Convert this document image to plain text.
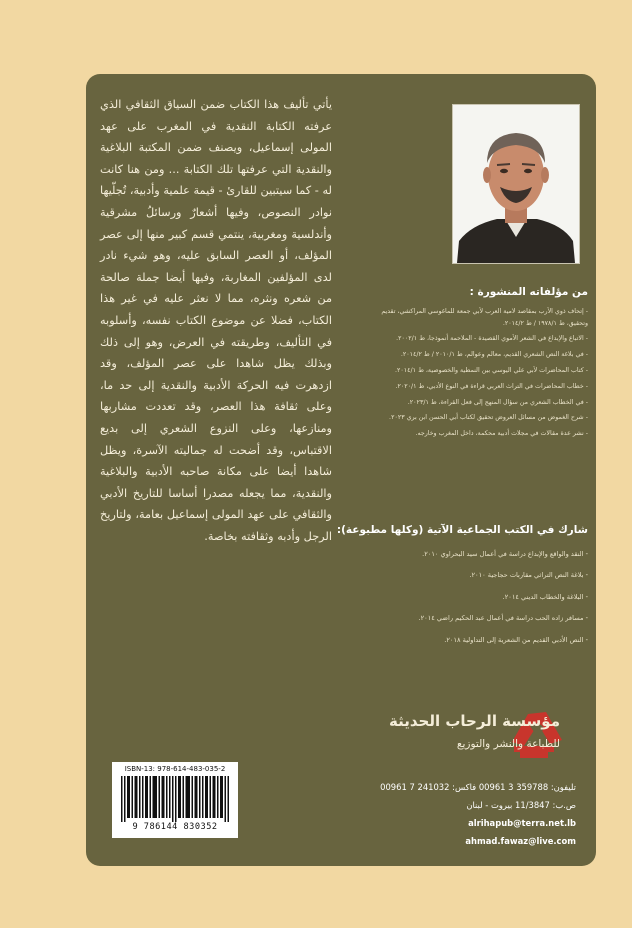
يأتي تأليف هذا الكتاب ضمن السياق الثقافي الذي عرفته الكتابة النقدية في المغرب على عهد المولى إسماعيل، ويصنف ضمن المكتبة البلاغية والنقدية التي عرفتها تلك الكتابة ... ومن هنا كانت له - كما سيتبين للقارئ - قيمة علمية وأدبية، تُجلّيها نوادر النصوص، وفيها أشعارٌ ورسائلُ مشرقية وأندلسية ومغربية، ينتمي قسم كبير منها إلى عصر المؤلف، أو العصر السابق عليه، وهو شيء نادر لدى المؤلفين المغاربة، وفيها أيضا جملة صالحة من شعره ونثره، مما لا نعثر عليه في غير هذا الكتاب، فضلا عن موضوع الكتاب نفسه، وأسلوبه في التأليف، وطريقته في العرض، وهو إلى ذلك وبذلك يظل شاهدا على عصر المؤلف، وقد ازدهرت فيه الحركة الأدبية والنقدية إلى حد ما، وعلى ثقافة هذا العصر، وقد تعددت مشاربها ومنازعها، وعلى النزوع الشعري إلى بديع الاقتباس، وقد أضحت له جماليته الآسرة، ويظل شاهدا أيضا على مكانة صاحبه الأدبية والبلاغية والنقدية، مما يجعله مصدرا أساسا للتاريخ الأدبي والثقافي على عهد المولى إسماعيل بعامة، ولتاريخ الرجل وأدبه وثقافته بخاصة.

من مؤلفاته المنشورة :

- إتحاف ذوي الأرب بمقاصد لامية العرب لأبي جمعة للماغوسي المراكشي، تقديم وتحقيق، ط ١٩٧٨/١ / ط ٢٠١٤/٢.
- الاتباع والإبداع في الشعر الأموي القصيدة - الملاحمة أنموذجا، ط ٢٠٠٢/١.
- في بلاغة النص الشعري القديم، معالم وعوالم، ط ٢٠١٠/١ / ط ٢٠١٤/٢.
- كتاب المحاضرات لأبي علي اليوسي بين النمطية والخصوصية، ط ٢٠١٤/١.
- خطاب المحاضرات في التراث العربي قراءة في النوع الأدبي، ط ٢٠٢٠/١.
- في الخطاب الشعري من سؤال المنهج إلى فعل القراءة، ط ٢٠٢٣/١.
- شرح الغموض من مسائل العروض تحقيق لكتاب أبي الحسن ابن بري ٢٠٢٣.
- نشر عدة مقالات في مجلات أدبية محكمة، داخل المغرب وخارجه.

شارك في الكتب الجماعية الآتية (وكلها مطبوعة):

- النقد والواقع والإبداع دراسة في أعمال سيد البحراوي ٢٠١٠.
- بلاغة النص التراثي مقاربات حجاجية ٢٠١٠.
- البلاغة والخطاب الديني ٢٠١٤.
- مسافر زاده الحب دراسة في أعمال عبد الحكيم راضي ٢٠١٤.
- النص الأدبي القديم من الشعرية إلى التداولية ٢٠١٨.

مؤسسة الرحاب الحديثة

للطباعة والنشر والتوزيع

ISBN-13: 978-614-483-035-2

9 786144 830352

تليفون: 359788 3 00961 فاكس: 241032 7 00961

ص.ب: 11/3847 بيروت - لبنان

alrihapub@terra.net.lb

ahmad.fawaz@live.com
